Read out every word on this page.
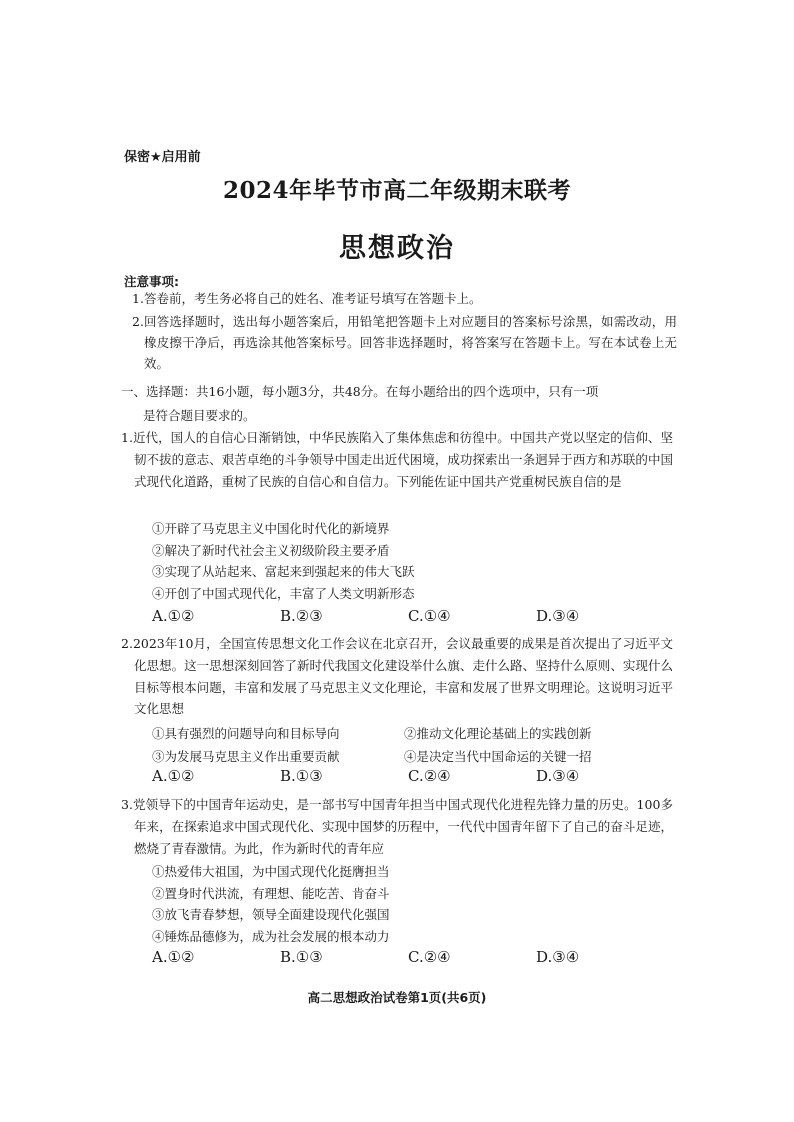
保密★启用前
2024年毕节市高二年级期末联考
思想政治
注意事项:
1. 答卷前，考生务必将自己的姓名、准考证号填写在答题卡上。
2. 回答选择题时，选出每小题答案后，用铅笔把答题卡上对应题目的答案标号涂黑，如需改动，用橡皮擦干净后，再选涂其他答案标号。回答非选择题时，将答案写在答题卡上。写在本试卷上无效。
一、选择题：共16小题，每小题3分，共48分。在每小题给出的四个选项中，只有一项
是符合题目要求的。
1.近代，国人的自信心日渐销蚀，中华民族陷入了集体焦虑和彷徨中。中国共产党以坚定的信仰、坚韧不拔的意志、艰苦卓绝的斗争领导中国走出近代困境，成功探索出一条迥异于西方和苏联的中国式现代化道路，重树了民族的自信心和自信力。下列能佐证中国共产党重树民族自信的是
①开辟了马克思主义中国化时代化的新境界
②解决了新时代社会主义初级阶段主要矛盾
③实现了从站起来、富起来到强起来的伟大飞跃
④开创了中国式现代化，丰富了人类文明新形态
A.①②	B.②③	C.①④	D.③④
2.2023年10月，全国宣传思想文化工作会议在北京召开，会议最重要的成果是首次提出了习近平文化思想。这一思想深刻回答了新时代我国文化建设举什么旗、走什么路、坚持什么原则、实现什么目标等根本问题，丰富和发展了马克思主义文化理论，丰富和发展了世界文明理论。这说明习近平文化思想
①具有强烈的问题导向和目标导向	②推动文化理论基础上的实践创新
③为发展马克思主义作出重要贡献	④是决定当代中国命运的关键一招
A.①②	B.①③	C.②④	D.③④
3.党领导下的中国青年运动史，是一部书写中国青年担当中国式现代化进程先锋力量的历史。100多年来，在探索追求中国式现代化、实现中国梦的历程中，一代代中国青年留下了自己的奋斗足迹，燃烧了青春激情。为此，作为新时代的青年应
①热爱伟大祖国，为中国式现代化挺膺担当
②置身时代洪流，有理想、能吃苦、肯奋斗
③放飞青春梦想，领导全面建设现代化强国
④锤炼品德修为，成为社会发展的根本动力
A.①②	B.①③	C.②④	D.③④
高二思想政治试卷第1页(共6页)
